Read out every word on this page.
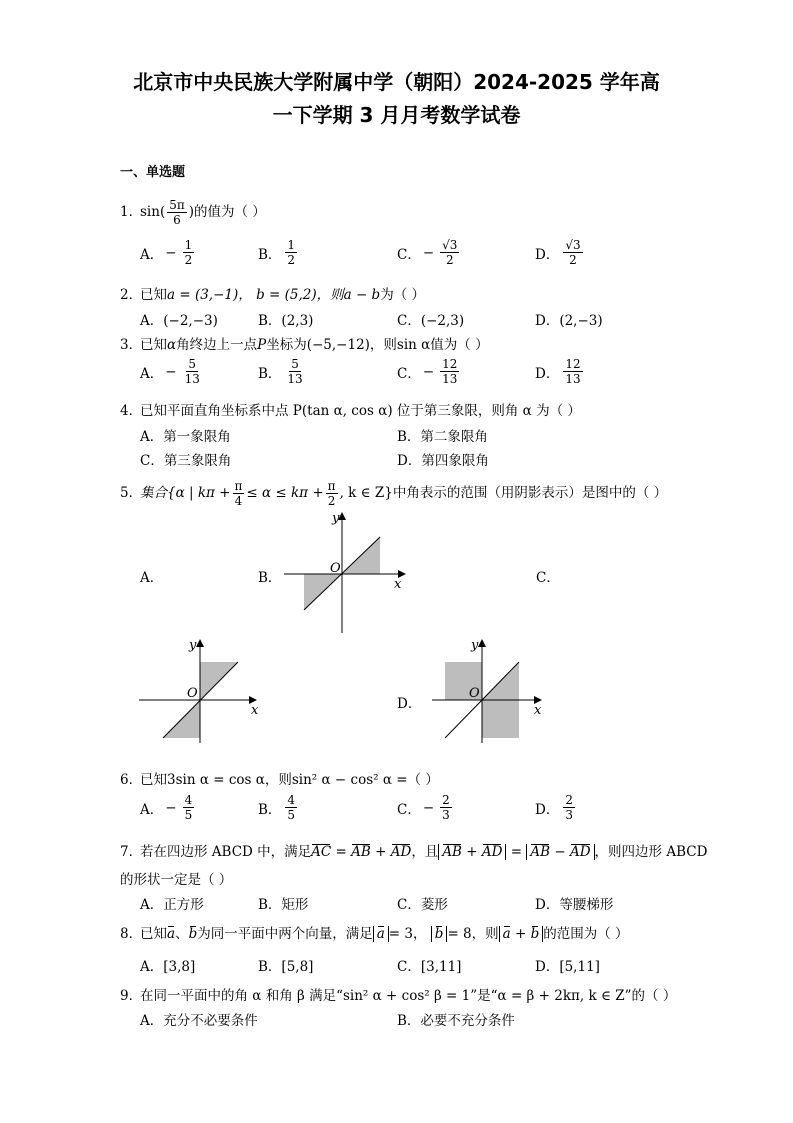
北京市中央民族大学附属中学（朝阳）2024-2025 学年高
一下学期 3 月月考数学试卷
一、单选题
1．$\sin( \frac{5\pi}{6}$ )的值为（ ）
A． − $\frac{1}{2}$	B． $\frac{1}{2}$	C． − $\frac{√3}{2}$	D． $\frac{√3}{2}$
2．已知a = (3,−1)， b = (5,2)，则a − b为（ ）
A．(−2,−3)	B．(2,3)	C．(−2,3)	D．(2,−3)
3．已知α角终边上一点P坐标为(−5,−12)，则sin α值为（ ）
A． − $\frac{5}{13}$	B． $\frac{5}{13}$	C． − $\frac{12}{13}$	D． $\frac{12}{13}$
4．已知平面直角坐标系中点 P(tan α, cos α) 位于第三象限，则角 α 为（ ）
A．第一象限角	B．第二象限角
C．第三象限角	D．第四象限角
5．集合{α | $k\pi + \frac{\pi}{4} \le \alpha \le k\pi + \frac{\pi}{2}$ , k ∈ Z}中角表示的范围（用阴影表示）是图中的（ ）
A．	B．	C．
D．
O
x
y
O
x
y
O
x
y
6．已知3sin α = cos α，则sin² α − cos² α =（ ）
A． − $\frac{4}{5}$	B． $\frac{4}{5}$	C． − $\frac{2}{3}$	D． $\frac{2}{3}$
7．若在四边形 ABCD 中，满足AC = AB + AD，且 AB + AD = AB − AD ，则四边形 ABCD
的形状一定是（ ）
A．正方形	B．矩形	C．菱形	D．等腰梯形
8．已知a、b为同一平面中两个向量，满足 a = 3， b = 8，则 a + b 的范围为（ ）
A．[3,8]	B．[5,8]	C．[3,11]	D．[5,11]
9．在同一平面中的角 α 和角 β 满足“sin² α + cos² β = 1”是“α = β + 2kπ, k ∈ Z”的（ ）
A．充分不必要条件	B．必要不充分条件
